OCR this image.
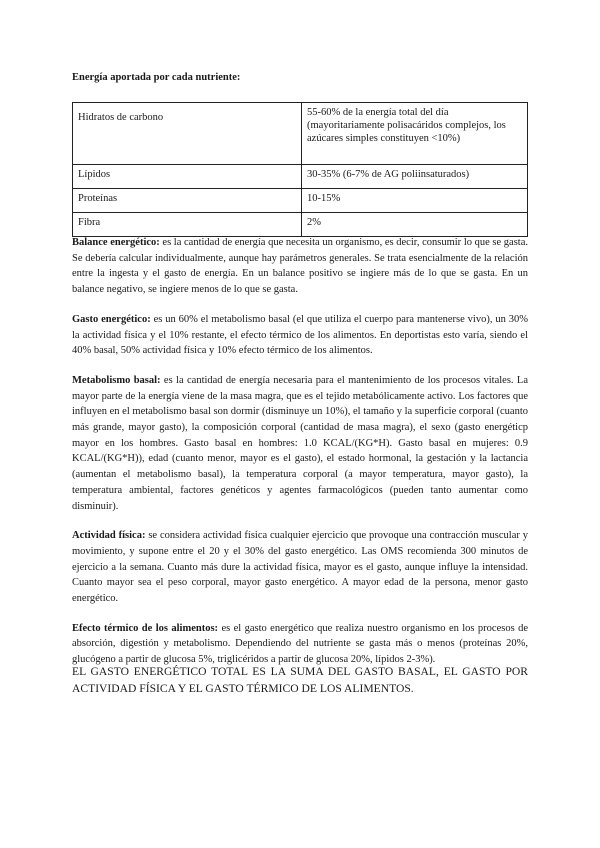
Energía aportada por cada nutriente:
Hidratos de carbono	55-60% de la energía total del día (mayoritariamente polisacáridos complejos, los azúcares simples constituyen <10%)
Lípidos	30-35% (6-7% de AG poliinsaturados)
Proteínas	10-15%
Fibra	2%

Balance energético: es la cantidad de energía que necesita un organismo, es decir, consumir lo que se gasta. Se debería calcular individualmente, aunque hay parámetros generales. Se trata esencialmente de la relación entre la ingesta y el gasto de energía. En un balance positivo se ingiere más de lo que se gasta. En un balance negativo, se ingiere menos de lo que se gasta.

Gasto energético: es un 60% el metabolismo basal (el que utiliza el cuerpo para mantenerse vivo), un 30% la actividad física y el 10% restante, el efecto térmico de los alimentos. En deportistas esto varía, siendo el 40% basal, 50% actividad física y 10% efecto térmico de los alimentos.

Metabolismo basal: es la cantidad de energía necesaria para el mantenimiento de los procesos vitales. La mayor parte de la energía viene de la masa magra, que es el tejido metabólicamente activo. Los factores que influyen en el metabolismo basal son dormir (disminuye un 10%), el tamaño y la superficie corporal (cuanto más grande, mayor gasto), la composición corporal (cantidad de masa magra), el sexo (gasto energéticp mayor en los hombres. Gasto basal en hombres: 1.0 KCAL/(KG*H). Gasto basal en mujeres: 0.9 KCAL/(KG*H)), edad (cuanto menor, mayor es el gasto), el estado hormonal, la gestación y la lactancia (aumentan el metabolismo basal), la temperatura corporal (a mayor temperatura, mayor gasto), la temperatura ambiental, factores genéticos y agentes farmacológicos (pueden tanto aumentar como disminuir).

Actividad física: se considera actividad física cualquier ejercicio que provoque una contracción muscular y movimiento, y supone entre el 20 y el 30% del gasto energético. Las OMS recomienda 300 minutos de ejercicio a la semana. Cuanto más dure la actividad física, mayor es el gasto, aunque influye la intensidad. Cuanto mayor sea el peso corporal, mayor gasto energético. A mayor edad de la persona, menor gasto energético.

Efecto térmico de los alimentos: es el gasto energético que realiza nuestro organismo en los procesos de absorción, digestión y metabolismo. Dependiendo del nutriente se gasta más o menos (proteínas 20%, glucógeno a partir de glucosa 5%, triglicéridos a partir de glucosa 20%, lípidos 2-3%).

EL GASTO ENERGÉTICO TOTAL ES LA SUMA DEL GASTO BASAL, EL GASTO POR ACTIVIDAD FÍSICA Y EL GASTO TÉRMICO DE LOS ALIMENTOS.
